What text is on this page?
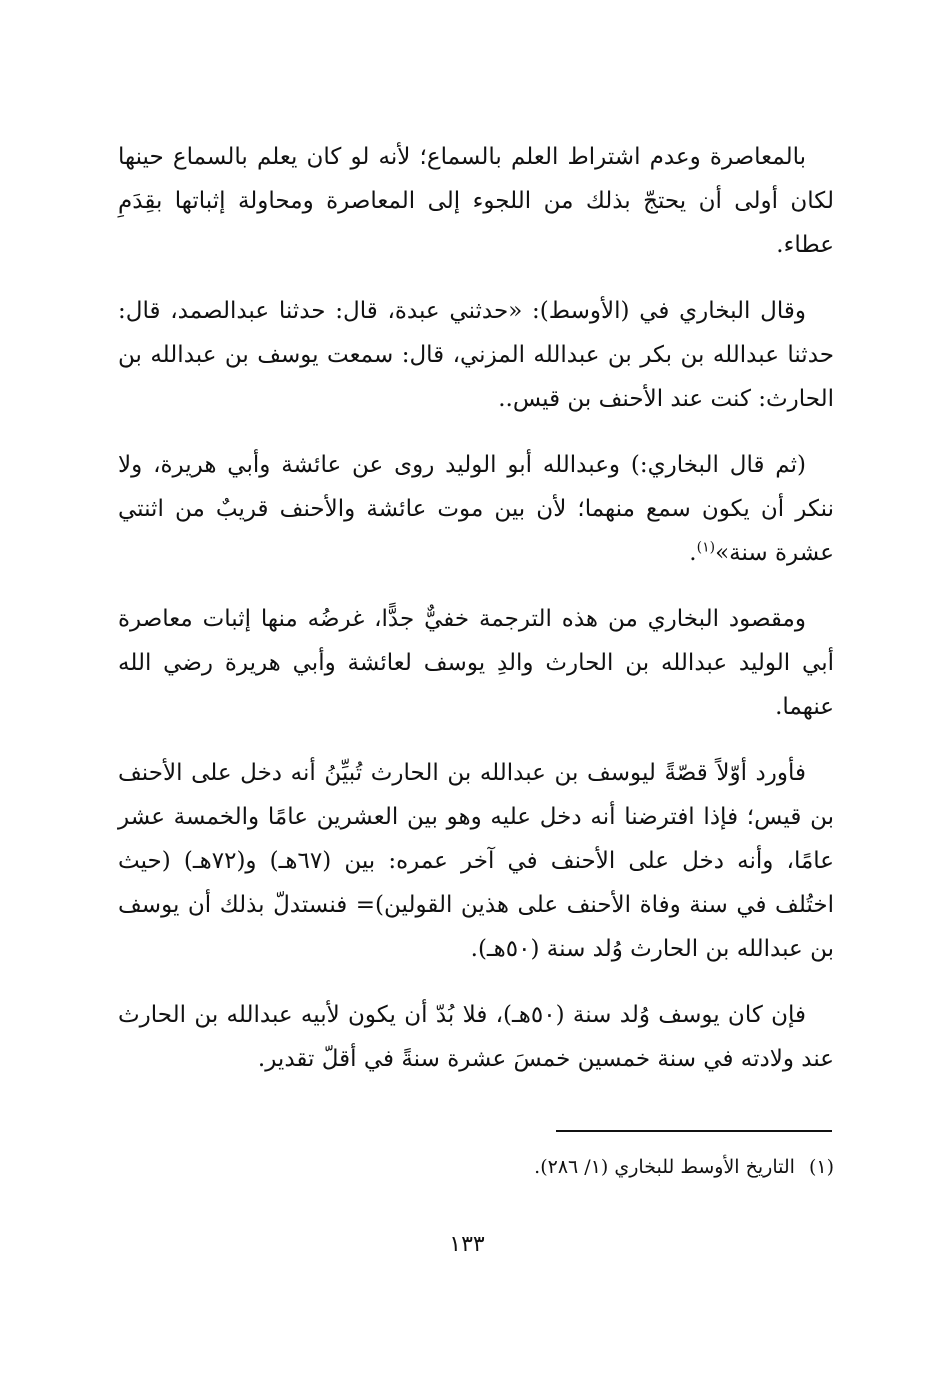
بالمعاصرة وعدم اشتراط العلم بالسماع؛ لأنه لو كان يعلم بالسماع حينها لكان أولى أن يحتجّ بذلك من اللجوء إلى المعاصرة ومحاولة إثباتها بقِدَمِ عطاء.

وقال البخاري في (الأوسط): «حدثني عبدة، قال: حدثنا عبدالصمد، قال: حدثنا عبدالله بن بكر بن عبدالله المزني، قال: سمعت يوسف بن عبدالله بن الحارث: كنت عند الأحنف بن قيس..

(ثم قال البخاري:) وعبدالله أبو الوليد روى عن عائشة وأبي هريرة، ولا ننكر أن يكون سمع منهما؛ لأن بين موت عائشة والأحنف قريبٌ من اثنتي عشرة سنة»$^{(١)}$.

ومقصود البخاري من هذه الترجمة خفيٌّ جدًّا، غرضُه منها إثبات معاصرة أبي الوليد عبدالله بن الحارث والدِ يوسف لعائشة وأبي هريرة رضي الله عنهما.

فأورد أوّلاً قصّةً ليوسف بن عبدالله بن الحارث تُبيِّنُ أنه دخل على الأحنف بن قيس؛ فإذا افترضنا أنه دخل عليه وهو بين العشرين عامًا والخمسة عشر عامًا، وأنه دخل على الأحنف في آخر عمره: بين (٦٧هـ) و(٧٢هـ) (حيث اختُلف في سنة وفاة الأحنف على هذين القولين)= فنستدلّ بذلك أن يوسف بن عبدالله بن الحارث وُلد سنة (٥٠هـ).

فإن كان يوسف وُلد سنة (٥٠هـ)، فلا بُدّ أن يكون لأبيه عبدالله بن الحارث عند ولادته في سنة خمسين خمسَ عشرة سنةً في أقلّ تقدير.

(١)التاريخ الأوسط للبخاري (١/ ٢٨٦).
١٣٣
